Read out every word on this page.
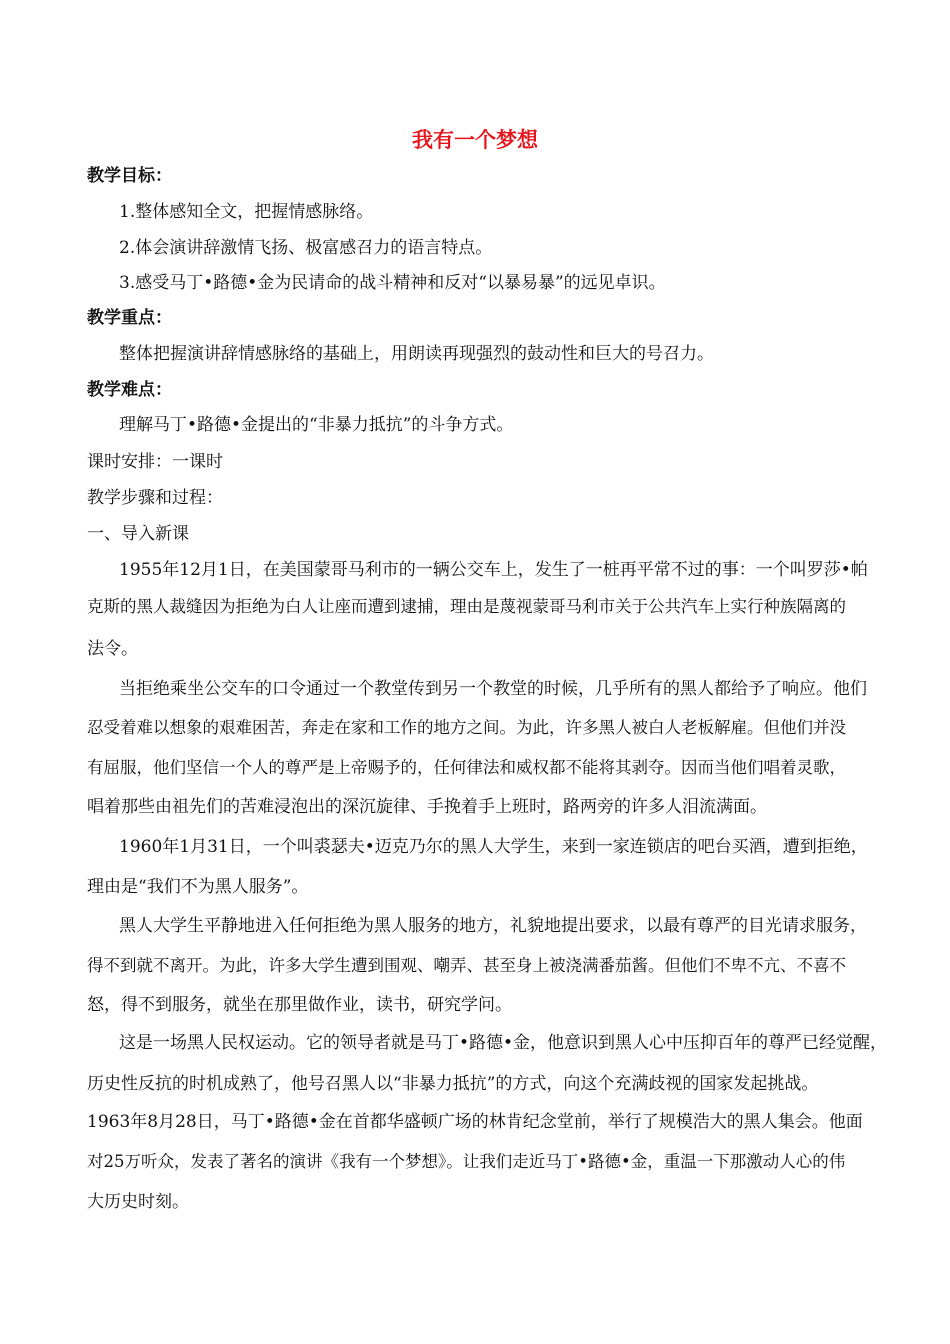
我有一个梦想
教学目标：
1.整体感知全文，把握情感脉络。
2.体会演讲辞激情飞扬、极富感召力的语言特点。
3.感受马丁•路德•金为民请命的战斗精神和反对“以暴易暴”的远见卓识。
教学重点：
整体把握演讲辞情感脉络的基础上，用朗读再现强烈的鼓动性和巨大的号召力。
教学难点：
理解马丁•路德•金提出的“非暴力抵抗”的斗争方式。
课时安排：一课时
教学步骤和过程：
一、导入新课
1955年12月1日，在美国蒙哥马利市的一辆公交车上，发生了一桩再平常不过的事：一个叫罗莎•帕
克斯的黑人裁缝因为拒绝为白人让座而遭到逮捕，理由是蔑视蒙哥马利市关于公共汽车上实行种族隔离的
法令。
当拒绝乘坐公交车的口令通过一个教堂传到另一个教堂的时候，几乎所有的黑人都给予了响应。他们
忍受着难以想象的艰难困苦，奔走在家和工作的地方之间。为此，许多黑人被白人老板解雇。但他们并没
有屈服，他们坚信一个人的尊严是上帝赐予的，任何律法和威权都不能将其剥夺。因而当他们唱着灵歌，
唱着那些由祖先们的苦难浸泡出的深沉旋律、手挽着手上班时，路两旁的许多人泪流满面。
1960年1月31日，一个叫裘瑟夫•迈克乃尔的黑人大学生，来到一家连锁店的吧台买酒，遭到拒绝，
理由是“我们不为黑人服务”。
黑人大学生平静地进入任何拒绝为黑人服务的地方，礼貌地提出要求，以最有尊严的目光请求服务，
得不到就不离开。为此，许多大学生遭到围观、嘲弄、甚至身上被浇满番茄酱。但他们不卑不亢、不喜不
怒，得不到服务，就坐在那里做作业，读书，研究学问。
这是一场黑人民权运动。它的领导者就是马丁•路德•金，他意识到黑人心中压抑百年的尊严已经觉醒，
历史性反抗的时机成熟了，他号召黑人以“非暴力抵抗”的方式，向这个充满歧视的国家发起挑战。
1963年8月28日，马丁•路德•金在首都华盛顿广场的林肯纪念堂前，举行了规模浩大的黑人集会。他面
对25万听众，发表了著名的演讲《我有一个梦想》。让我们走近马丁•路德•金，重温一下那激动人心的伟
大历史时刻。
